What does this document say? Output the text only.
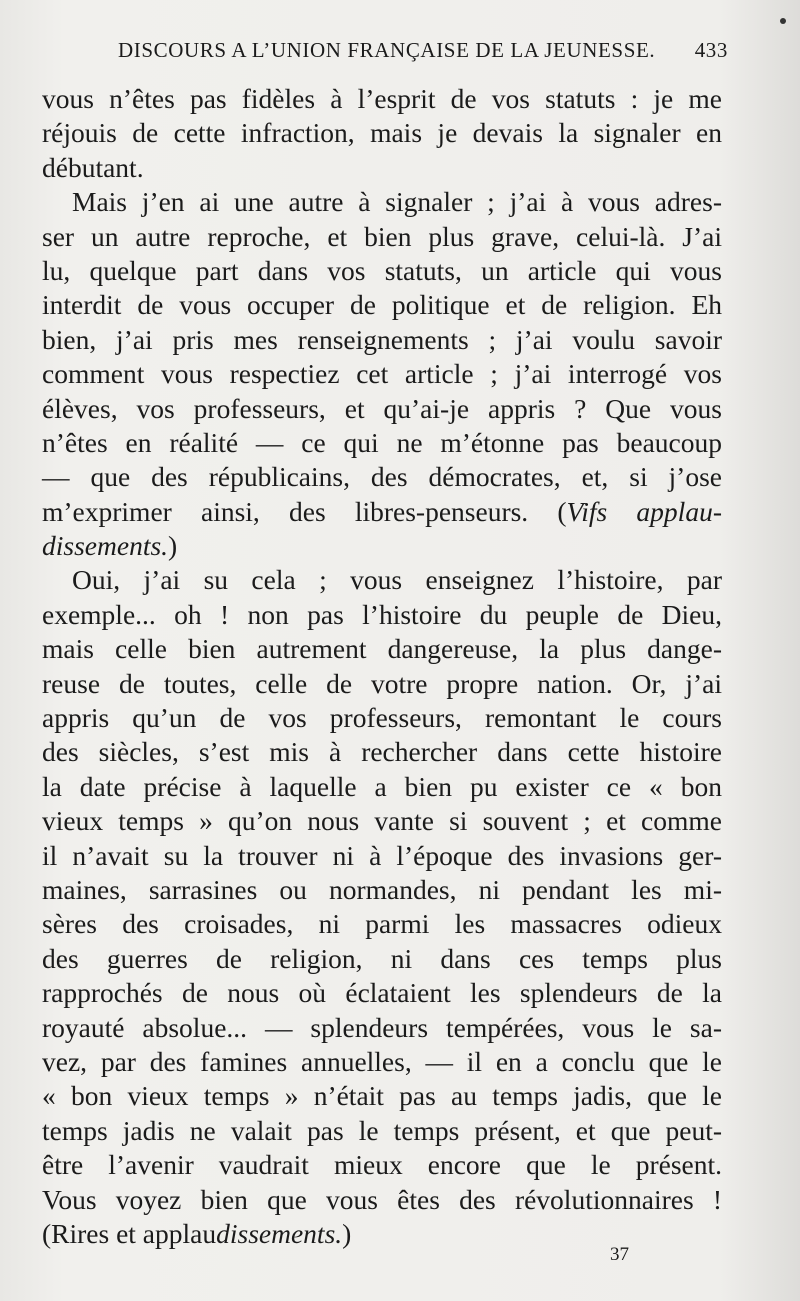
DISCOURS A L’UNION FRANÇAISE DE LA JEUNESSE. 433
vous n’êtes pas fidèles à l’esprit de vos statuts : je me
réjouis de cette infraction, mais je devais la signaler en
débutant.
Mais j’en ai une autre à signaler ; j’ai à vous adres-
ser un autre reproche, et bien plus grave, celui-là. J’ai
lu, quelque part dans vos statuts, un article qui vous
interdit de vous occuper de politique et de religion. Eh
bien, j’ai pris mes renseignements ; j’ai voulu savoir
comment vous respectiez cet article ; j’ai interrogé vos
élèves, vos professeurs, et qu’ai-je appris ? Que vous
n’êtes en réalité — ce qui ne m’étonne pas beaucoup
— que des républicains, des démocrates, et, si j’ose
m’exprimer ainsi, des libres-penseurs. (Vifs applau-
dissements.)
Oui, j’ai su cela ; vous enseignez l’histoire, par
exemple... oh ! non pas l’histoire du peuple de Dieu,
mais celle bien autrement dangereuse, la plus dange-
reuse de toutes, celle de votre propre nation. Or, j’ai
appris qu’un de vos professeurs, remontant le cours
des siècles, s’est mis à rechercher dans cette histoire
la date précise à laquelle a bien pu exister ce « bon
vieux temps » qu’on nous vante si souvent ; et comme
il n’avait su la trouver ni à l’époque des invasions ger-
maines, sarrasines ou normandes, ni pendant les mi-
sères des croisades, ni parmi les massacres odieux
des guerres de religion, ni dans ces temps plus
rapprochés de nous où éclataient les splendeurs de la
royauté absolue... — splendeurs tempérées, vous le sa-
vez, par des famines annuelles, — il en a conclu que le
« bon vieux temps » n’était pas au temps jadis, que le
temps jadis ne valait pas le temps présent, et que peut-
être l’avenir vaudrait mieux encore que le présent.
Vous voyez bien que vous êtes des révolutionnaires !
(Rires et applaudissements.)
37
